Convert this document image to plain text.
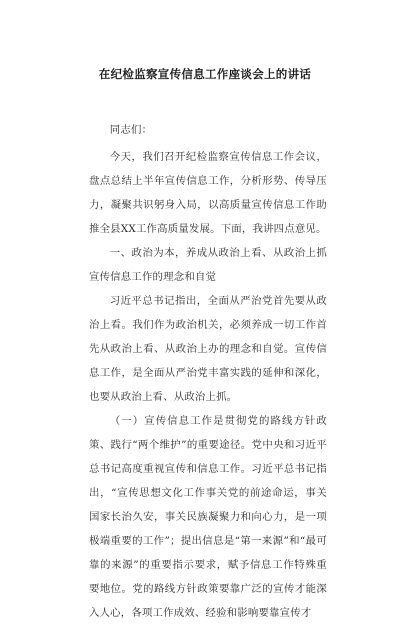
在纪检监察宣传信息工作座谈会上的讲话

同志们：

今天，我们召开纪检监察宣传信息工作会议，盘点总结上半年宣传信息工作，分析形势、传导压力，凝聚共识躬身入局，以高质量宣传信息工作助推全县XX工作高质量发展。下面，我讲四点意见。

一、政治为本，养成从政治上看、从政治上抓宣传信息工作的理念和自觉

习近平总书记指出，全面从严治党首先要从政治上看。我们作为政治机关，必须养成一切工作首先从政治上看、从政治上办的理念和自觉。宣传信息工作，是全面从严治党丰富实践的延伸和深化，也要从政治上看、从政治上抓。

（一）宣传信息工作是贯彻党的路线方针政策、践行“两个维护”的重要途径。党中央和习近平总书记高度重视宣传和信息工作。习近平总书记指出，“宣传思想文化工作事关党的前途命运，事关国家长治久安，事关民族凝聚力和向心力，是一项极端重要的工作”；提出信息是“第一来源”和“最可靠的来源”的重要指示要求，赋予信息工作特殊重要地位。党的路线方针政策要靠广泛的宣传才能深入人心，各项工作成效、经验和影响要靠宣传才
